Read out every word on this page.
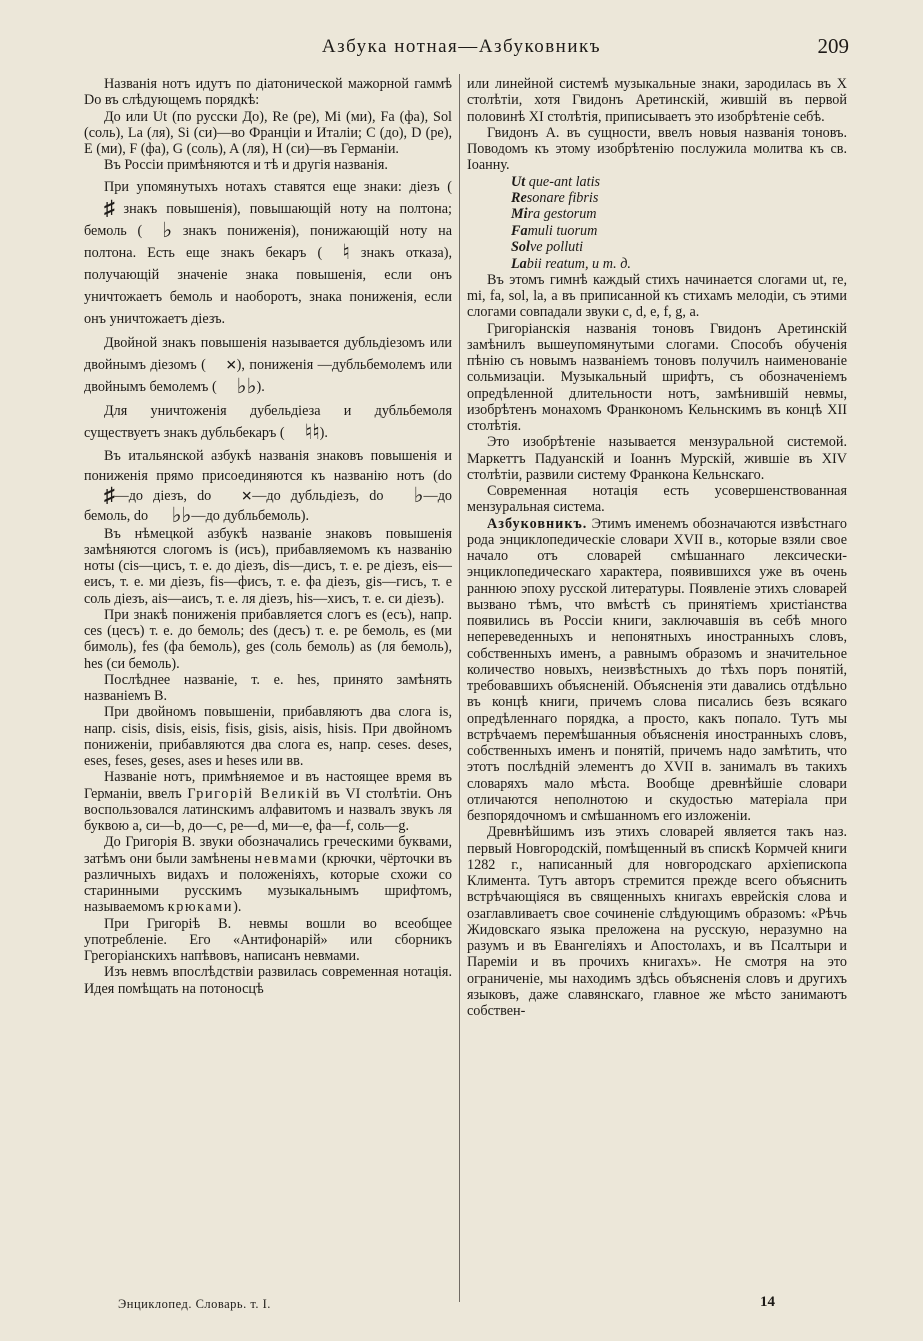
Азбука нотная—Азбуковникъ	209

Названія нотъ идутъ по діатонической мажорной гаммѣ Do въ слѣдующемъ порядкѣ:

До или Ut (по русски До), Re (ре), Mi (ми), Fa (фа), Sol (соль), La (ля), Si (си)—во Франціи и Италіи; C (до), D (ре), E (ми), F (фа), G (соль), A (ля), H (си)—въ Германіи.

Въ Россіи примѣняются и тѣ и другія названія.

При упомянутыхъ нотахъ ставятся еще знаки: діезъ (♯ знакъ повышенія), повышающій ноту на полтона; бемоль ( ♭ знакъ пониженія), понижающій ноту на полтона. Есть еще знакъ бекаръ ( ♮ знакъ отказа), получающій значеніе знака повышенія, если онъ уничтожаетъ бемоль и наоборотъ, знака пониженія, если онъ уничтожаетъ діезъ.

Двойной знакъ повышенія называется дубльдіезомъ или двойнымъ діезомъ ( ×), пониженія —дубльбемолемъ или двойнымъ бемолемъ ( ♭♭).

Для уничтоженія дубельдіеза и дубльбемоля существуетъ знакъ дубльбекаръ ( ♮♮).

Въ итальянской азбукѣ названія знаковъ повышенія и пониженія прямо присоединяются къ названію нотъ (do ♯—до діезъ, do ×—до дубльдіезъ, do ♭—до бемоль, do ♭♭—до дубльбемоль).

Въ нѣмецкой азбукѣ названіе знаковъ повышенія замѣняются слогомъ is (исъ), прибавляемомъ къ названію ноты (cis—цисъ, т. е. до діезъ, dis—дисъ, т. е. ре діезъ, eis—еисъ, т. е. ми діезъ, fis—фисъ, т. е. фа діезъ, gis—гисъ, т. е соль діезъ, ais—аисъ, т. е. ля діезъ, his—хисъ, т. е. си діезъ).

При знакѣ пониженія прибавляется слогъ es (есъ), напр. ces (цесъ) т. е. до бемоль; des (десъ) т. е. ре бемоль, es (ми бимоль), fes (фа бемоль), ges (соль бемоль) as (ля бемоль), hes (си бемоль).

Послѣднее названіе, т. е. hes, принято замѣнять названіемъ B.

При двойномъ повышеніи, прибавляютъ два слога is, напр. cisis, disis, eisis, fisis, gisis, aisis, hisis. При двойномъ пониженіи, прибавляются два слога es, напр. ceses. deses, eses, feses, geses, ases и heses или вв.

Названіе нотъ, примѣняемое и въ настоящее время въ Германіи, ввелъ Григорій Великій въ VI столѣтіи. Онъ воспользовался латинскимъ алфавитомъ и назвалъ звукъ ля буквою a, си—b, до—c, ре—d, ми—e, фа—f, соль—g.

До Григорія В. звуки обозначались греческими буквами, затѣмъ они были замѣнены невмами (крючки, чёрточки въ различныхъ видахъ и положеніяхъ, которые схожи со старинными русскимъ музыкальнымъ шрифтомъ, называемомъ крюками).

При Григоріѣ В. невмы вошли во всеобщее употребленіе. Его «Антифонарій» или сборникъ Грегоріанскихъ напѣвовъ, написанъ невмами.

Изъ невмъ впослѣдствіи развилась современная нотація. Идея помѣщать на потоносцѣ

или линейной системѣ музыкальные знаки, зародилась въ X столѣтіи, хотя Гвидонъ Аретинскій, жившій въ первой половинѣ XI столѣтія, приписываетъ это изобрѣтеніе себѣ.

Гвидонъ А. въ сущности, ввелъ новыя названія тоновъ. Поводомъ къ этому изобрѣтенію послужила молитва къ св. Іоанну.

Ut que-ant latis
Resonare fibris
Mira gestorum
Famuli tuorum
Solve polluti
Labii reatum, и т. д.

Въ этомъ гимнѣ каждый стихъ начинается слогами ut, re, mi, fa, sol, la, а въ приписанной къ стихамъ мелодіи, съ этими слогами совпадали звуки c, d, e, f, g, a.

Григоріанскія названія тоновъ Гвидонъ Аретинскій замѣнилъ вышеупомянутыми слогами. Способъ обученія пѣнію съ новымъ названіемъ тоновъ получилъ наименованіе сольмизаціи. Музыкальный шрифтъ, съ обозначеніемъ опредѣленной длительности нотъ, замѣнившій невмы, изобрѣтенъ монахомъ Франкономъ Кельнскимъ въ концѣ XII столѣтія.

Это изобрѣтеніе называется мензуральной системой. Маркеттъ Падуанскій и Іоаннъ Мурскій, жившіе въ XIV столѣтіи, развили систему Франкона Кельнскаго.

Современная нотація есть усовершенствованная мензуральная система.

Азбуковникъ. Этимъ именемъ обозначаются извѣстнаго рода энциклопедическіе словари XVII в., которые взяли свое начало отъ словарей смѣшаннаго лексически-энциклопедическаго характера, появившихся уже въ очень раннюю эпоху русской литературы. Появленіе этихъ словарей вызвано тѣмъ, что вмѣстѣ съ принятіемъ христіанства появились въ Россіи книги, заключавшія въ себѣ много непереведенныхъ и непонятныхъ иностранныхъ словъ, собственныхъ именъ, а равнымъ образомъ и значительное количество новыхъ, неизвѣстныхъ до тѣхъ поръ понятій, требовавшихъ объясненій. Объясненія эти давались отдѣльно въ концѣ книги, причемъ слова писались безъ всякаго опредѣленнаго порядка, а просто, какъ попало. Тутъ мы встрѣчаемъ перемѣшанныя объясненія иностранныхъ словъ, собственныхъ именъ и понятій, причемъ надо замѣтить, что этотъ послѣдній элементъ до XVII в. занималъ въ такихъ словаряхъ мало мѣста. Вообще древнѣйшіе словари отличаются неполнотою и скудостью матеріала при безпорядочномъ и смѣшанномъ его изложеніи.

Древнѣйшимъ изъ этихъ словарей является такъ наз. первый Новгородскій, помѣщенный въ спискѣ Кормчей книги 1282 г., написанный для новгородскаго архіепископа Климента. Тутъ авторъ стремится прежде всего объяснить встрѣчающіяся въ священныхъ книгахъ еврейскія слова и озаглавливаетъ свое сочиненіе слѣдующимъ образомъ: «Рѣчь Жидовскаго языка преложена на русскую, неразумно на разумъ и въ Евангеліяхъ и Апостолахъ, и въ Псалтыри и Пареміи и въ прочихъ книгахъ». Не смотря на это ограниченіе, мы находимъ здѣсь объясненія словъ и другихъ языковъ, даже славянскаго, главное же мѣсто занимаютъ собствен-

Энциклопед. Словарь. т. I.	14
